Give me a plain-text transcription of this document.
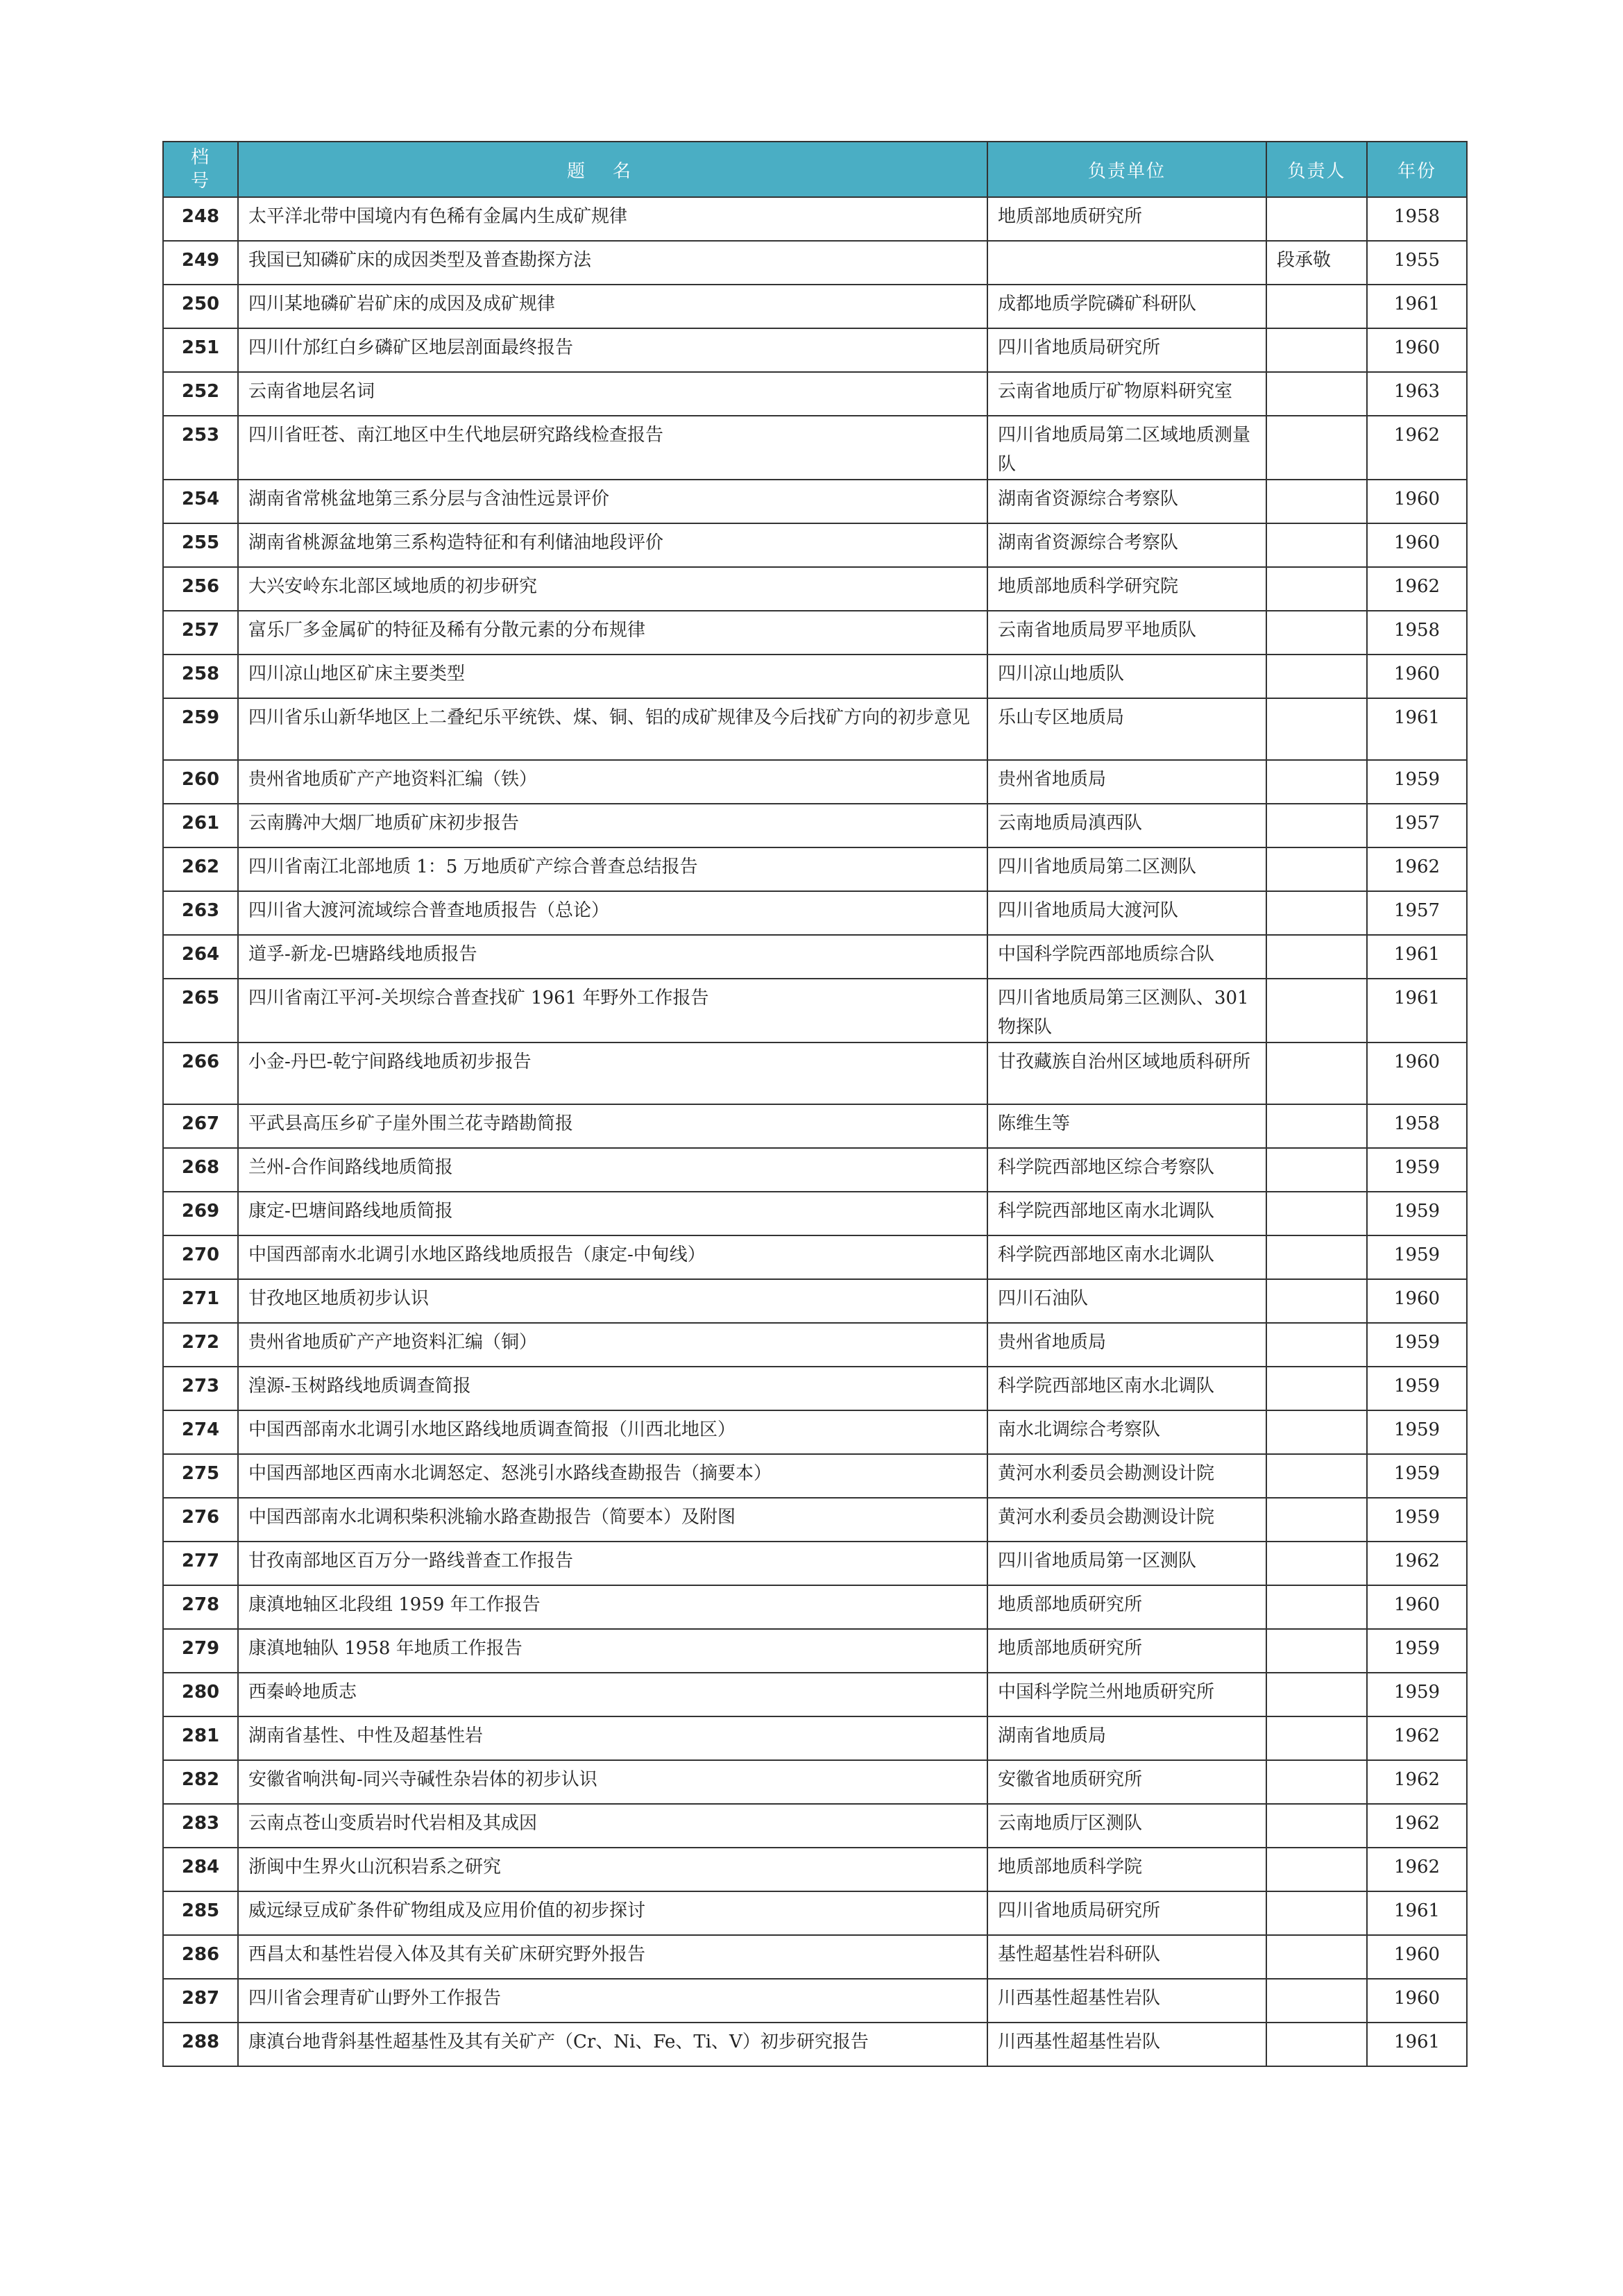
档
号	题名	负责单位	负责人	年份
248	太平洋北带中国境内有色稀有金属内生成矿规律	地质部地质研究所		1958
249	我国已知磷矿床的成因类型及普查勘探方法		段承敬	1955
250	四川某地磷矿岩矿床的成因及成矿规律	成都地质学院磷矿科研队		1961
251	四川什邡红白乡磷矿区地层剖面最终报告	四川省地质局研究所		1960
252	云南省地层名词	云南省地质厅矿物原料研究室		1963
253	四川省旺苍、南江地区中生代地层研究路线检查报告	四川省地质局第二区域地质测量队		1962
254	湖南省常桃盆地第三系分层与含油性远景评价	湖南省资源综合考察队		1960
255	湖南省桃源盆地第三系构造特征和有利储油地段评价	湖南省资源综合考察队		1960
256	大兴安岭东北部区域地质的初步研究	地质部地质科学研究院		1962
257	富乐厂多金属矿的特征及稀有分散元素的分布规律	云南省地质局罗平地质队		1958
258	四川凉山地区矿床主要类型	四川凉山地质队		1960
259	四川省乐山新华地区上二叠纪乐平统铁、煤、铜、铝的成矿规律及今后找矿方向的初步意见	乐山专区地质局		1961
260	贵州省地质矿产产地资料汇编（铁）	贵州省地质局		1959
261	云南腾冲大烟厂地质矿床初步报告	云南地质局滇西队		1957
262	四川省南江北部地质 1：5 万地质矿产综合普查总结报告	四川省地质局第二区测队		1962
263	四川省大渡河流域综合普查地质报告（总论）	四川省地质局大渡河队		1957
264	道孚-新龙-巴塘路线地质报告	中国科学院西部地质综合队		1961
265	四川省南江平河-关坝综合普查找矿 1961 年野外工作报告	四川省地质局第三区测队、301 物探队		1961
266	小金-丹巴-乾宁间路线地质初步报告	甘孜藏族自治州区域地质科研所		1960
267	平武县高压乡矿子崖外围兰花寺踏勘简报	陈维生等		1958
268	兰州-合作间路线地质简报	科学院西部地区综合考察队		1959
269	康定-巴塘间路线地质简报	科学院西部地区南水北调队		1959
270	中国西部南水北调引水地区路线地质报告（康定-中甸线）	科学院西部地区南水北调队		1959
271	甘孜地区地质初步认识	四川石油队		1960
272	贵州省地质矿产产地资料汇编（铜）	贵州省地质局		1959
273	湟源-玉树路线地质调查简报	科学院西部地区南水北调队		1959
274	中国西部南水北调引水地区路线地质调查简报（川西北地区）	南水北调综合考察队		1959
275	中国西部地区西南水北调怒定、怒洮引水路线查勘报告（摘要本）	黄河水利委员会勘测设计院		1959
276	中国西部南水北调积柴积洮输水路查勘报告（简要本）及附图	黄河水利委员会勘测设计院		1959
277	甘孜南部地区百万分一路线普查工作报告	四川省地质局第一区测队		1962
278	康滇地轴区北段组 1959 年工作报告	地质部地质研究所		1960
279	康滇地轴队 1958 年地质工作报告	地质部地质研究所		1959
280	西秦岭地质志	中国科学院兰州地质研究所		1959
281	湖南省基性、中性及超基性岩	湖南省地质局		1962
282	安徽省响洪甸-同兴寺碱性杂岩体的初步认识	安徽省地质研究所		1962
283	云南点苍山变质岩时代岩相及其成因	云南地质厅区测队		1962
284	浙闽中生界火山沉积岩系之研究	地质部地质科学院		1962
285	威远绿豆成矿条件矿物组成及应用价值的初步探讨	四川省地质局研究所		1961
286	西昌太和基性岩侵入体及其有关矿床研究野外报告	基性超基性岩科研队		1960
287	四川省会理青矿山野外工作报告	川西基性超基性岩队		1960
288	康滇台地背斜基性超基性及其有关矿产（Cr、Ni、Fe、Ti、V）初步研究报告	川西基性超基性岩队		1961
